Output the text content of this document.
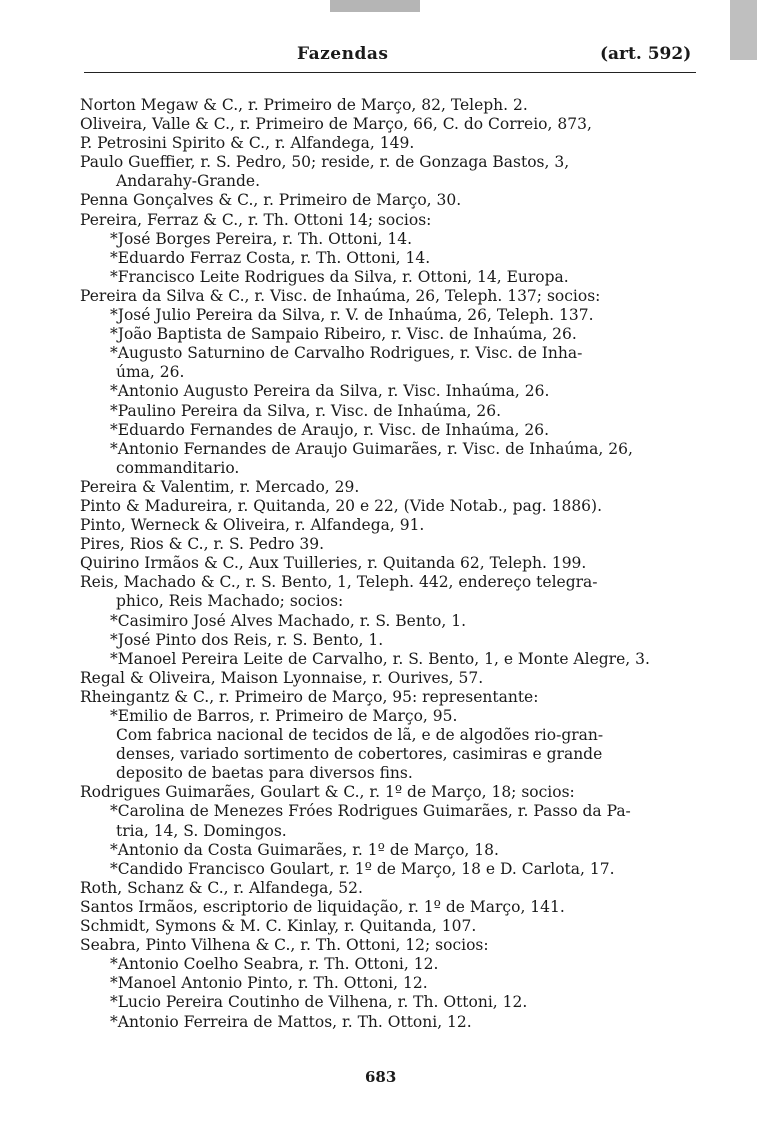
Fazendas	(art. 592)

Norton Megaw & C., r. Primeiro de Março, 82, Teleph. 2.

Oliveira, Valle & C., r. Primeiro de Março, 66, C. do Correio, 873,

P. Petrosini Spirito & C., r. Alfandega, 149.

Paulo Gueffier, r. S. Pedro, 50; reside, r. de Gonzaga Bastos, 3,

Andarahy-Grande.

Penna Gonçalves & C., r. Primeiro de Março, 30.

Pereira, Ferraz & C., r. Th. Ottoni 14; socios:

*José Borges Pereira, r. Th. Ottoni, 14.

*Eduardo Ferraz Costa, r. Th. Ottoni, 14.

*Francisco Leite Rodrigues da Silva, r. Ottoni, 14, Europa.

Pereira da Silva & C., r. Visc. de Inhaúma, 26, Teleph. 137; socios:

*José Julio Pereira da Silva, r. V. de Inhaúma, 26, Teleph. 137.

*João Baptista de Sampaio Ribeiro, r. Visc. de Inhaúma, 26.

*Augusto Saturnino de Carvalho Rodrigues, r. Visc. de Inha-

úma, 26.

*Antonio Augusto Pereira da Silva, r. Visc. Inhaúma, 26.

*Paulino Pereira da Silva, r. Visc. de Inhaúma, 26.

*Eduardo Fernandes de Araujo, r. Visc. de Inhaúma, 26.

*Antonio Fernandes de Araujo Guimarães, r. Visc. de Inhaúma, 26,

commanditario.

Pereira & Valentim, r. Mercado, 29.

Pinto & Madureira, r. Quitanda, 20 e 22, (Vide Notab., pag. 1886).

Pinto, Werneck & Oliveira, r. Alfandega, 91.

Pires, Rios & C., r. S. Pedro 39.

Quirino Irmãos & C., Aux Tuilleries, r. Quitanda 62, Teleph. 199.

Reis, Machado & C., r. S. Bento, 1, Teleph. 442, endereço telegra-

phico, Reis Machado; socios:

*Casimiro José Alves Machado, r. S. Bento, 1.

*José Pinto dos Reis, r. S. Bento, 1.

*Manoel Pereira Leite de Carvalho, r. S. Bento, 1, e Monte Alegre, 3.

Regal & Oliveira, Maison Lyonnaise, r. Ourives, 57.

Rheingantz & C., r. Primeiro de Março, 95: representante:

*Emilio de Barros, r. Primeiro de Março, 95.

Com fabrica nacional de tecidos de lã, e de algodões rio-gran-

denses, variado sortimento de cobertores, casimiras e grande

deposito de baetas para diversos fins.

Rodrigues Guimarães, Goulart & C., r. 1º de Março, 18; socios:

*Carolina de Menezes Fróes Rodrigues Guimarães, r. Passo da Pa-

tria, 14, S. Domingos.

*Antonio da Costa Guimarães, r. 1º de Março, 18.

*Candido Francisco Goulart, r. 1º de Março, 18 e D. Carlota, 17.

Roth, Schanz & C., r. Alfandega, 52.

Santos Irmãos, escriptorio de liquidação, r. 1º de Março, 141.

Schmidt, Symons & M. C. Kinlay, r. Quitanda, 107.

Seabra, Pinto Vilhena & C., r. Th. Ottoni, 12; socios:

*Antonio Coelho Seabra, r. Th. Ottoni, 12.

*Manoel Antonio Pinto, r. Th. Ottoni, 12.

*Lucio Pereira Coutinho de Vilhena, r. Th. Ottoni, 12.

*Antonio Ferreira de Mattos, r. Th. Ottoni, 12.

683
